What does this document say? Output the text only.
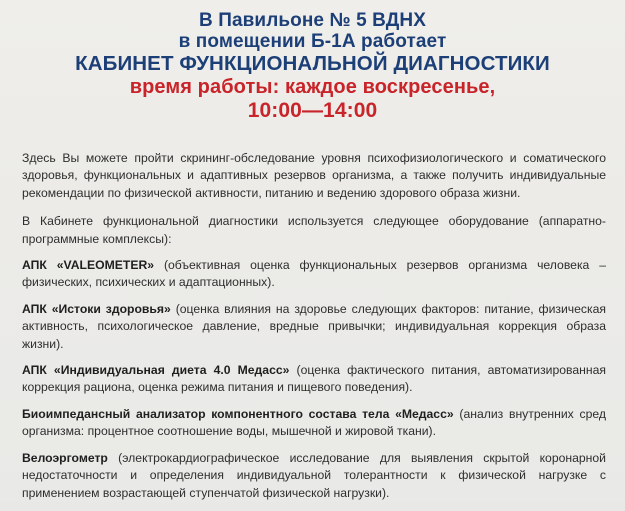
В Павильоне № 5 ВДНХ
в помещении Б-1А работает
КАБИНЕТ ФУНКЦИОНАЛЬНОЙ ДИАГНОСТИКИ
время работы: каждое воскресенье,
10:00—14:00

Здесь Вы можете пройти скрининг-обследование уровня психофизиологического и соматического здоровья, функциональных и адаптивных резервов организма, а также получить индивидуальные рекомендации по физической активности, питанию и ведению здорового образа жизни.

В Кабинете функциональной диагностики используется следующее оборудование (аппаратно-программные комплексы):

АПК «VALEOMETER» (объективная оценка функциональных резервов организма человека – физических, психических и адаптационных).

АПК «Истоки здоровья» (оценка влияния на здоровье следующих факторов: питание, физическая активность, психологическое давление, вредные привычки; индивидуальная коррекция образа жизни).

АПК «Индивидуальная диета 4.0 Медасс» (оценка фактического питания, автоматизированная коррекция рациона, оценка режима питания и пищевого поведения).

Биоимпедансный анализатор компонентного состава тела «Медасс» (анализ внутренних сред организма: процентное соотношение воды, мышечной и жировой ткани).

Велоэргометр (электрокардиографическое исследование для выявления скрытой коронарной недостаточности и определения индивидуальной толерантности к физической нагрузке с применением возрастающей ступенчатой физической нагрузки).
